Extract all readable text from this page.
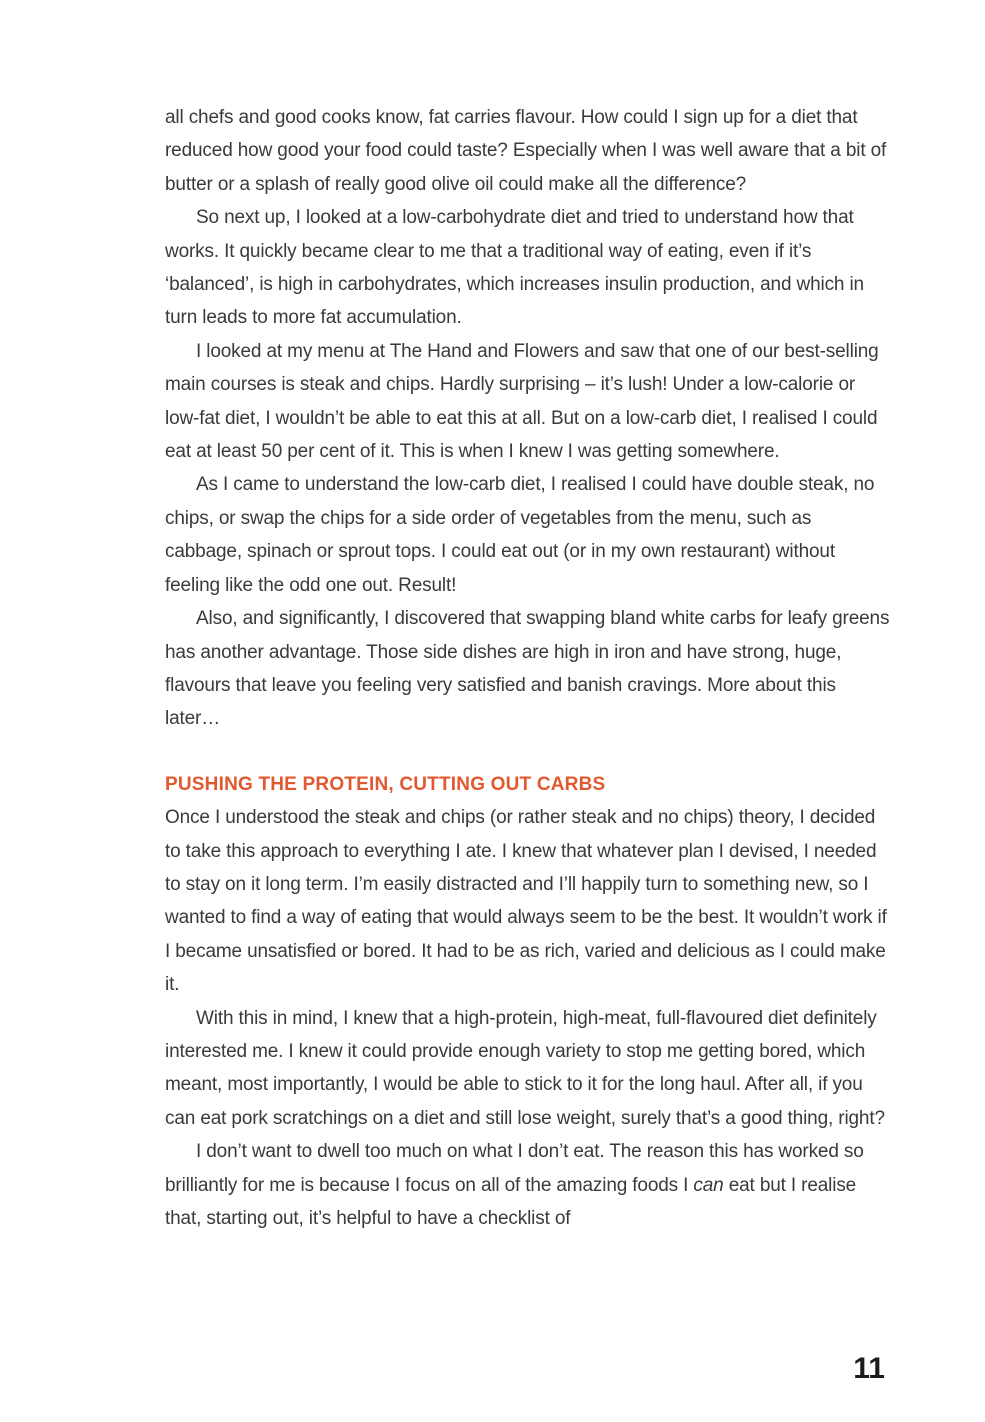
all chefs and good cooks know, fat carries flavour. How could I sign up for a diet that reduced how good your food could taste? Especially when I was well aware that a bit of butter or a splash of really good olive oil could make all the difference?

So next up, I looked at a low-carbohydrate diet and tried to understand how that works. It quickly became clear to me that a traditional way of eating, even if it’s ‘balanced’, is high in carbohydrates, which increases insulin production, and which in turn leads to more fat accumulation.

I looked at my menu at The Hand and Flowers and saw that one of our best-selling main courses is steak and chips. Hardly surprising – it’s lush! Under a low-calorie or low-fat diet, I wouldn’t be able to eat this at all. But on a low-carb diet, I realised I could eat at least 50 per cent of it. This is when I knew I was getting somewhere.

As I came to understand the low-carb diet, I realised I could have double steak, no chips, or swap the chips for a side order of vegetables from the menu, such as cabbage, spinach or sprout tops. I could eat out (or in my own restaurant) without feeling like the odd one out. Result!

Also, and significantly, I discovered that swapping bland white carbs for leafy greens has another advantage. Those side dishes are high in iron and have strong, huge, flavours that leave you feeling very satisfied and banish cravings. More about this later…

PUSHING THE PROTEIN, CUTTING OUT CARBS

Once I understood the steak and chips (or rather steak and no chips) theory, I decided to take this approach to everything I ate. I knew that whatever plan I devised, I needed to stay on it long term. I’m easily distracted and I’ll happily turn to something new, so I wanted to find a way of eating that would always seem to be the best. It wouldn’t work if I became unsatisfied or bored. It had to be as rich, varied and delicious as I could make it.

With this in mind, I knew that a high-protein, high-meat, full-flavoured diet definitely interested me. I knew it could provide enough variety to stop me getting bored, which meant, most importantly, I would be able to stick to it for the long haul. After all, if you can eat pork scratchings on a diet and still lose weight, surely that’s a good thing, right?

I don’t want to dwell too much on what I don’t eat. The reason this has worked so brilliantly for me is because I focus on all of the amazing foods I can eat but I realise that, starting out, it’s helpful to have a checklist of

11
